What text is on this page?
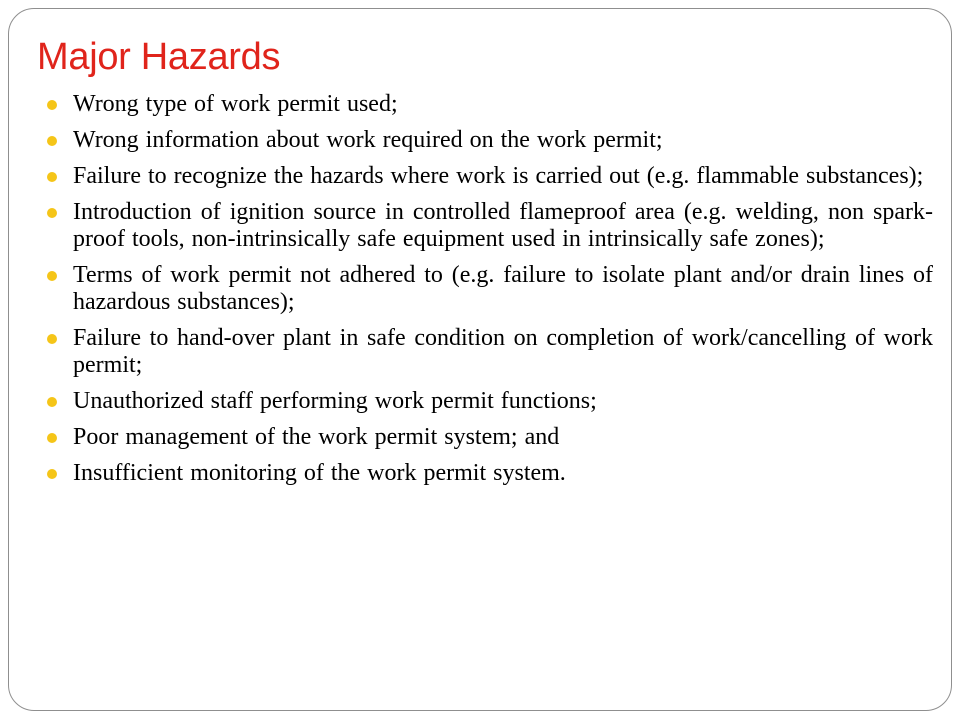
Major Hazards
Wrong type of work permit used;
Wrong information about work required on the work permit;
Failure to recognize the hazards where work is carried out (e.g. flammable substances);
Introduction of ignition source in controlled flameproof area (e.g. welding, non spark-proof tools, non-intrinsically safe equipment used in intrinsically safe zones);
Terms of work permit not adhered to (e.g. failure to isolate plant and/or drain lines of hazardous substances);
Failure to hand-over plant in safe condition on completion of work/cancelling of work permit;
Unauthorized staff performing work permit functions;
Poor management of the work permit system; and
Insufficient monitoring of the work permit system.
